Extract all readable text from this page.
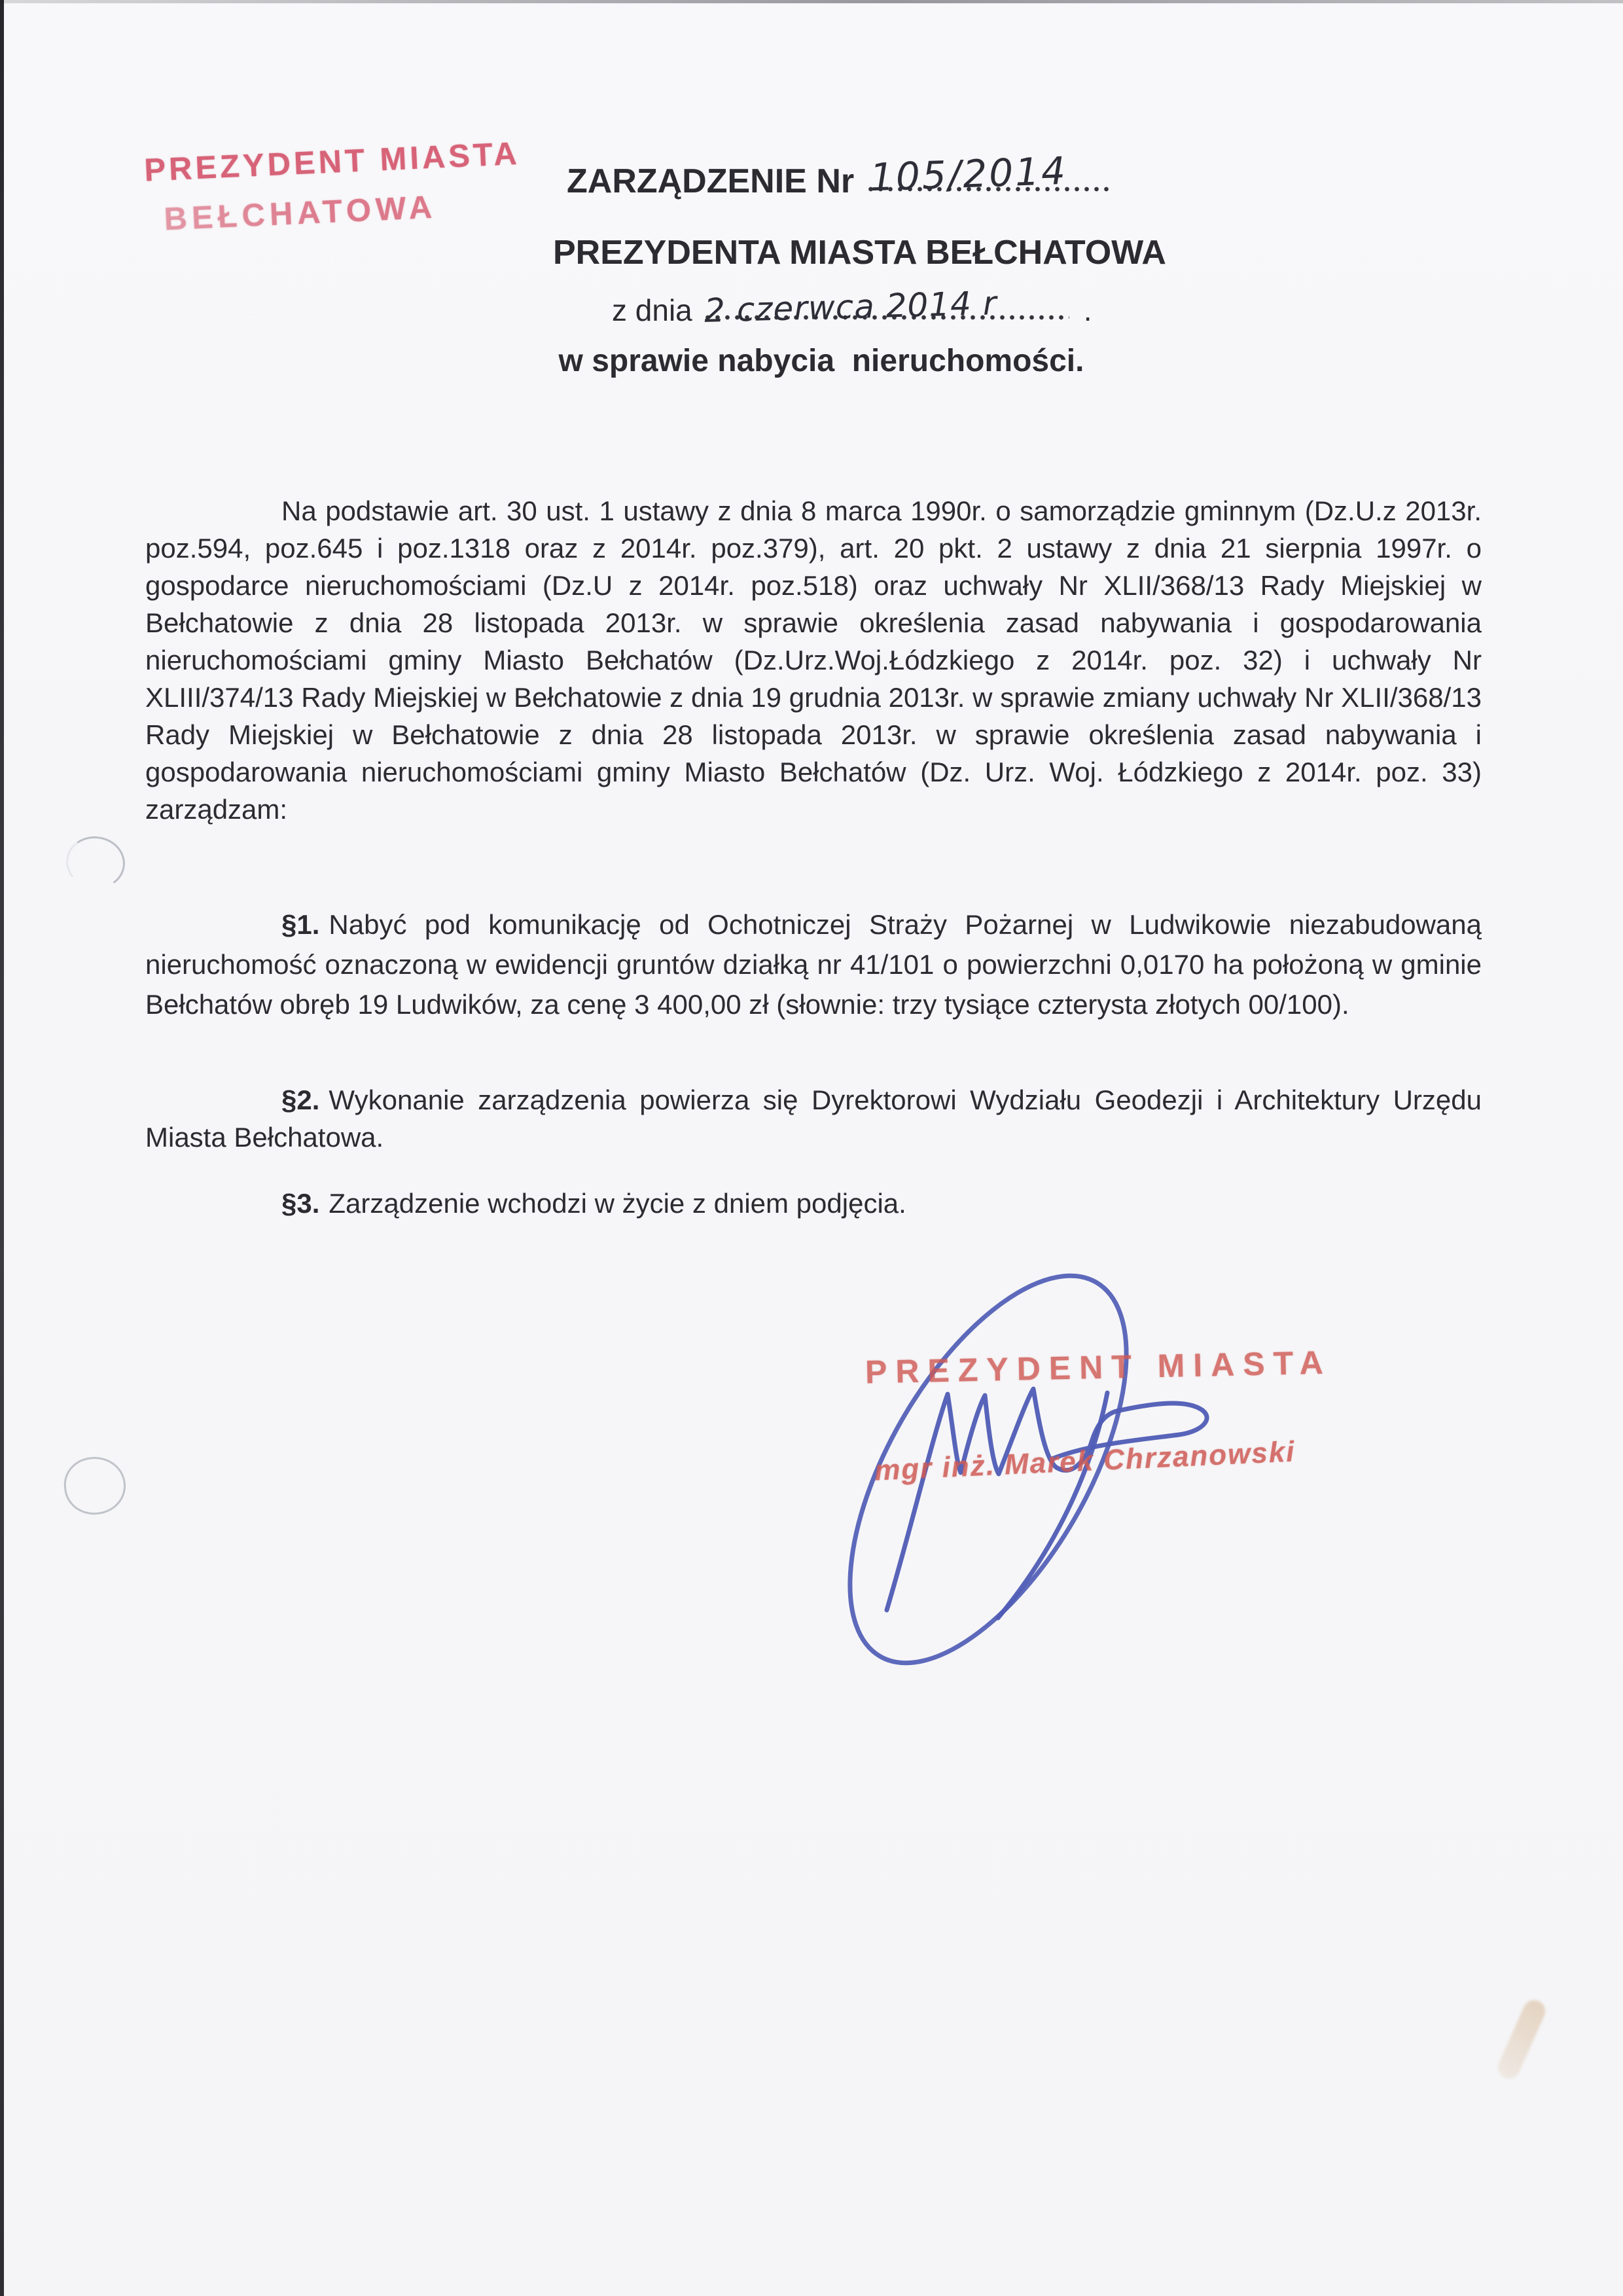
PREZYDENT MIASTA
BEŁCHATOWA
ZARZĄDZENIE Nr 105/2014
PREZYDENTA MIASTA BEŁCHATOWA
z dnia 2 czerwca 2014 r	.
w sprawie nabycia  nieruchomości.

Na podstawie art. 30 ust. 1 ustawy z dnia 8 marca 1990r. o samorządzie gminnym (Dz.U.z 2013r. poz.594, poz.645 i poz.1318 oraz z 2014r. poz.379), art. 20 pkt. 2 ustawy z dnia 21 sierpnia 1997r. o gospodarce nieruchomościami (Dz.U z 2014r. poz.518) oraz uchwały Nr XLII/368/13 Rady Miejskiej w Bełchatowie z dnia 28 listopada 2013r. w sprawie określenia zasad nabywania i gospodarowania nieruchomościami gminy Miasto Bełchatów (Dz.Urz.Woj.Łódzkiego z 2014r. poz. 32) i uchwały Nr XLIII/374/13 Rady Miejskiej w Bełchatowie z dnia 19 grudnia 2013r. w sprawie zmiany uchwały Nr XLII/368/13 Rady Miejskiej w Bełchatowie z dnia 28 listopada 2013r. w sprawie określenia zasad nabywania i gospodarowania nieruchomościami gminy Miasto Bełchatów (Dz. Urz. Woj. Łódzkiego z 2014r. poz. 33) zarządzam:

§1. Nabyć pod komunikację od Ochotniczej Straży Pożarnej w Ludwikowie niezabudowaną nieruchomość oznaczoną w ewidencji gruntów działką nr 41/101 o powierzchni 0,0170 ha położoną w gminie Bełchatów obręb 19 Ludwików, za cenę 3 400,00 zł (słownie: trzy tysiące czterysta złotych 00/100).

§2. Wykonanie zarządzenia powierza się Dyrektorowi Wydziału Geodezji i Architektury Urzędu Miasta Bełchatowa.

§3. Zarządzenie wchodzi w życie z dniem podjęcia.

PREZYDENT MIASTA
mgr inż. Marek Chrzanowski
